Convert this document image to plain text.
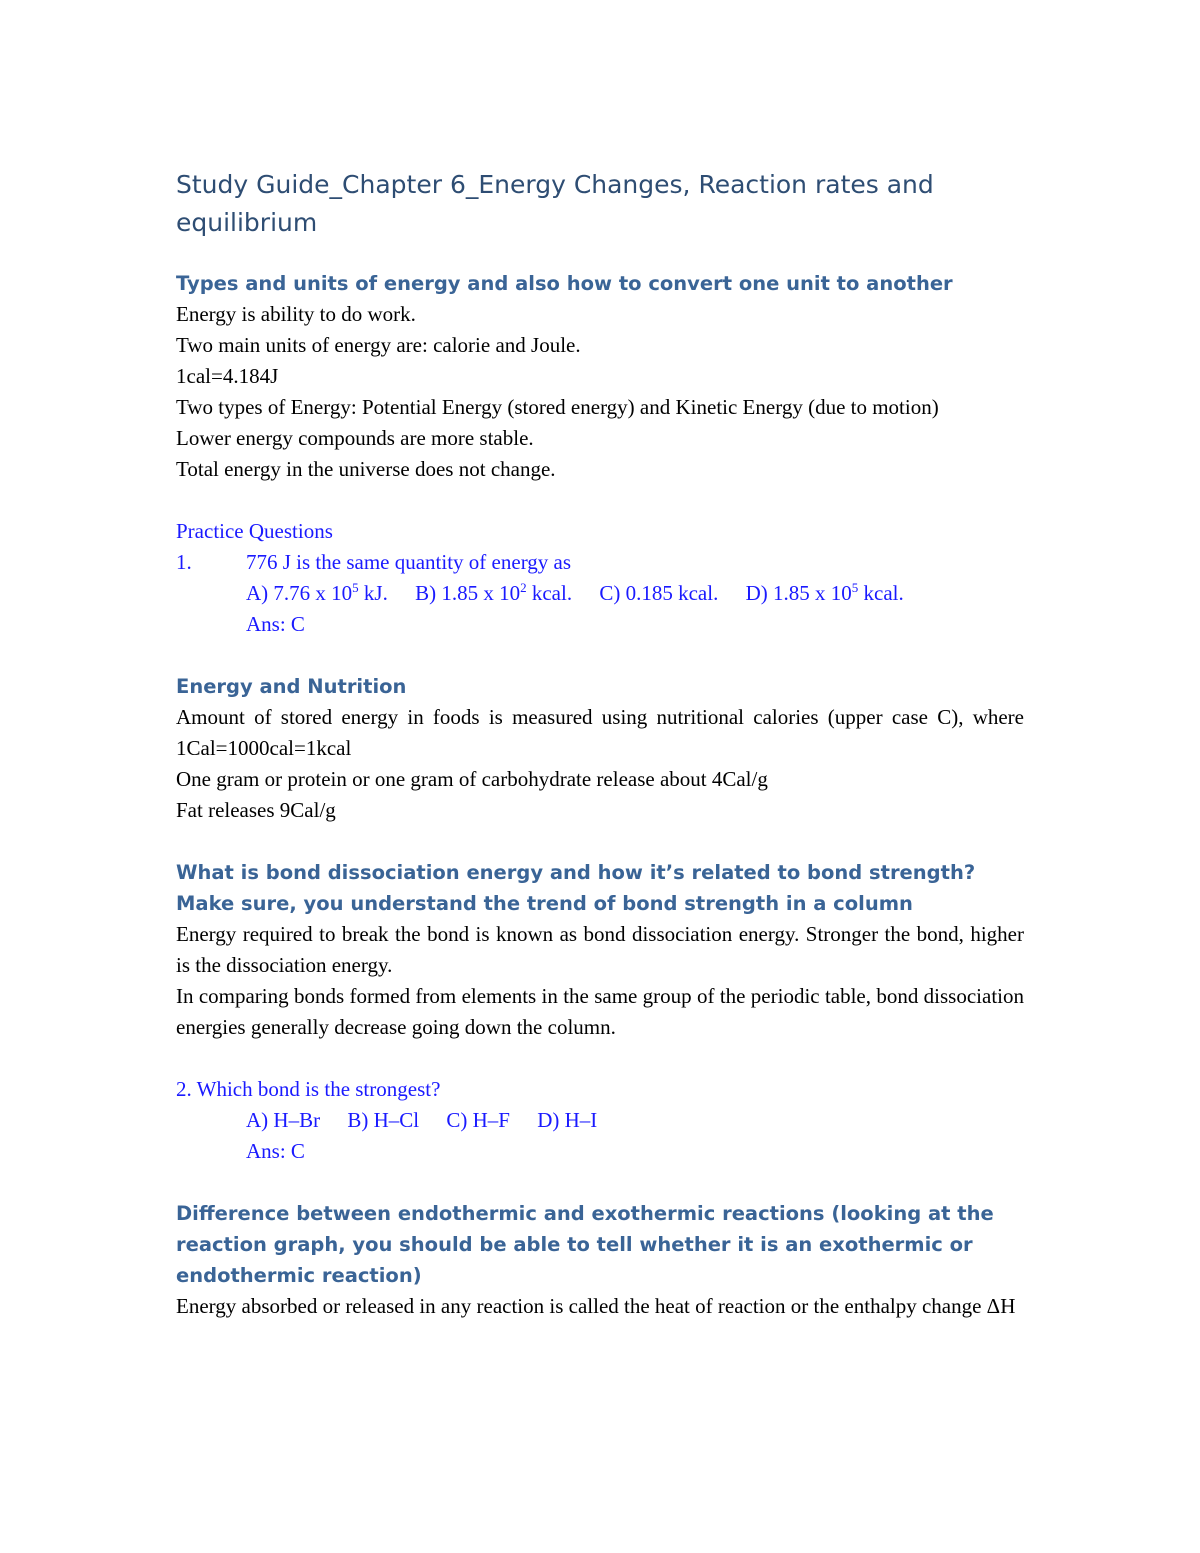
Study Guide_Chapter 6_Energy Changes, Reaction rates and equilibrium
Types and units of energy and also how to convert one unit to another

Energy is ability to do work.

Two main units of energy are: calorie and Joule.

1cal=4.184J

Two types of Energy: Potential Energy (stored energy) and Kinetic Energy (due to motion)

Lower energy compounds are more stable.

Total energy in the universe does not change.

Practice Questions

1.	776 J is the same quantity of energy as
A) 7.76 x $10^5$ kJ. B) 1.85 x $10^2$ kcal. C) 0.185 kcal. D) 1.85 x $10^5$ kcal.

Ans: C

Energy and Nutrition

Amount of stored energy in foods is measured using nutritional calories (upper case C), where 1Cal=1000cal=1kcal

One gram or protein or one gram of carbohydrate release about 4Cal/g

Fat releases 9Cal/g

What is bond dissociation energy and how it’s related to bond strength? Make sure, you understand the trend of bond strength in a column

Energy required to break the bond is known as bond dissociation energy. Stronger the bond, higher is the dissociation energy.

In comparing bonds formed from elements in the same group of the periodic table, bond dissociation energies generally decrease going down the column.

2. Which bond is the strongest?

A) H–Br B) H–Cl C) H–F D) H–I

Ans: C

Difference between endothermic and exothermic reactions (looking at the reaction graph, you should be able to tell whether it is an exothermic or endothermic reaction)

Energy absorbed or released in any reaction is called the heat of reaction or the enthalpy change ΔH
